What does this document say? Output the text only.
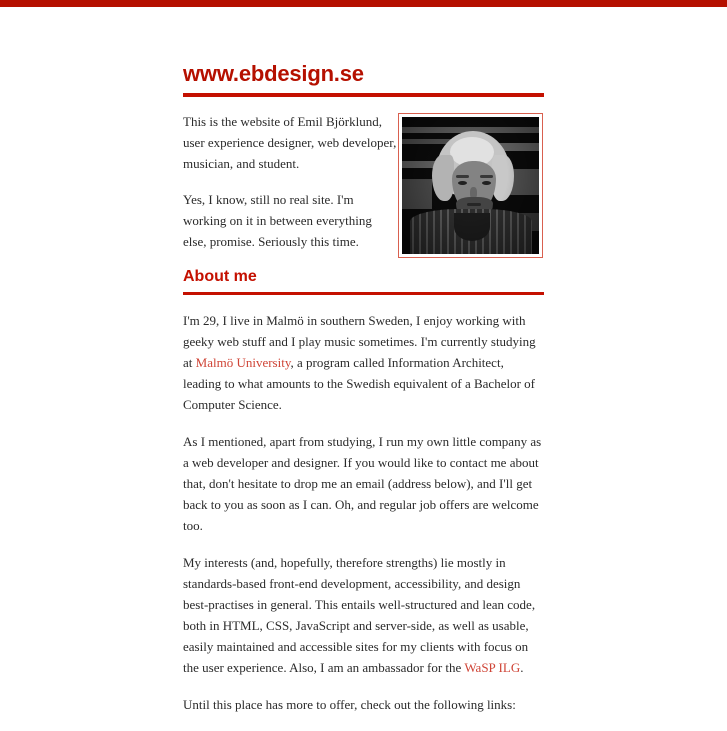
www.ebdesign.se

This is the website of Emil Björklund, user experience designer, web developer, musician, and student.

Yes, I know, still no real site. I'm working on it in between everything else, promise. Seriously this time.

About me

I'm 29, I live in Malmö in southern Sweden, I enjoy working with geeky web stuff and I play music sometimes. I'm currently studying at Malmö University, a program called Information Architect, leading to what amounts to the Swedish equivalent of a Bachelor of Computer Science.

As I mentioned, apart from studying, I run my own little company as a web developer and designer. If you would like to contact me about that, don't hesitate to drop me an email (address below), and I'll get back to you as soon as I can. Oh, and regular job offers are welcome too.

My interests (and, hopefully, therefore strengths) lie mostly in standards-based front-end development, accessibility, and design best-practises in general. This entails well-structured and lean code, both in HTML, CSS, JavaScript and server-side, as well as usable, easily maintained and accessible sites for my clients with focus on the user experience. Also, I am an ambassador for the WaSP ILG.

Until this place has more to offer, check out the following links:
